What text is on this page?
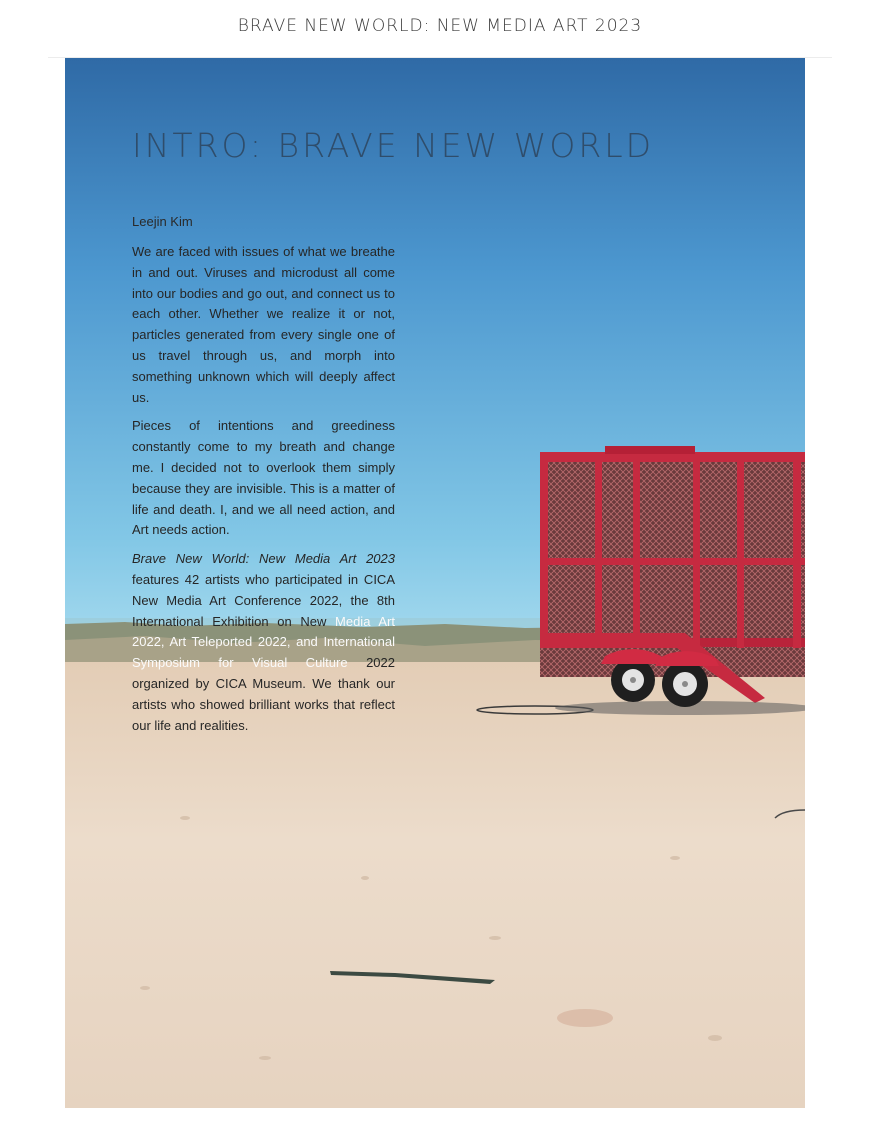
BRAVE NEW WORLD: NEW MEDIA ART 2023
INTRO: BRAVE NEW WORLD

Leejin Kim

We are faced with issues of what we breathe in and out. Viruses and microdust all come into our bodies and go out, and connect us to each other. Whether we realize it or not, particles generated from every single one of us travel through us, and morph into something unknown which will deeply affect us.

Pieces of intentions and greediness constantly come to my breath and change me. I decided not to overlook them simply because they are invisible. This is a matter of life and death. I, and we all need action, and Art needs action.

Brave New World: New Media Art 2023 features 42 artists who participated in CICA New Media Art Conference 2022, the 8th International Exhibition on New Media Art 2022, Art Teleported 2022, and International Symposium for Visual Culture 2022 organized by CICA Museum. We thank our artists who showed brilliant works that reflect our life and realities.
